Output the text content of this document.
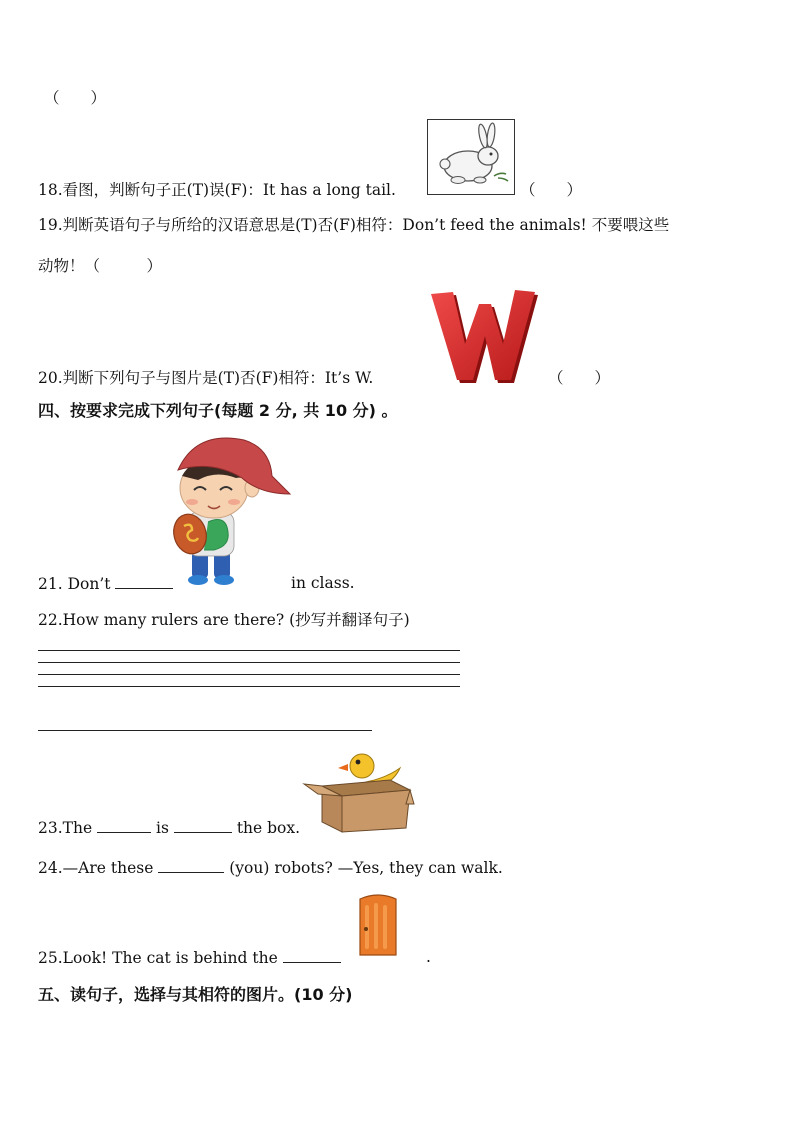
（　　）
18.看图，判断句子正(T)误(F)：It has a long tail.	（　　）
19.判断英语句子与所给的汉语意思是(T)否(F)相符：Don’t feed the animals! 不要喂这些
动物！（　　　）
20.判断下列句子与图片是(T)否(F)相符：It’s W.	（　　）
四、按要求完成下列句子(每题 2 分, 共 10 分) 。
21. Don’t	in class.
22.How many rulers are there? (抄写并翻译句子)
23.The	is	the box.
24.—Are these	(you) robots? —Yes, they can walk.
25.Look! The cat is behind the	.
五、读句子，选择与其相符的图片。(10 分)
